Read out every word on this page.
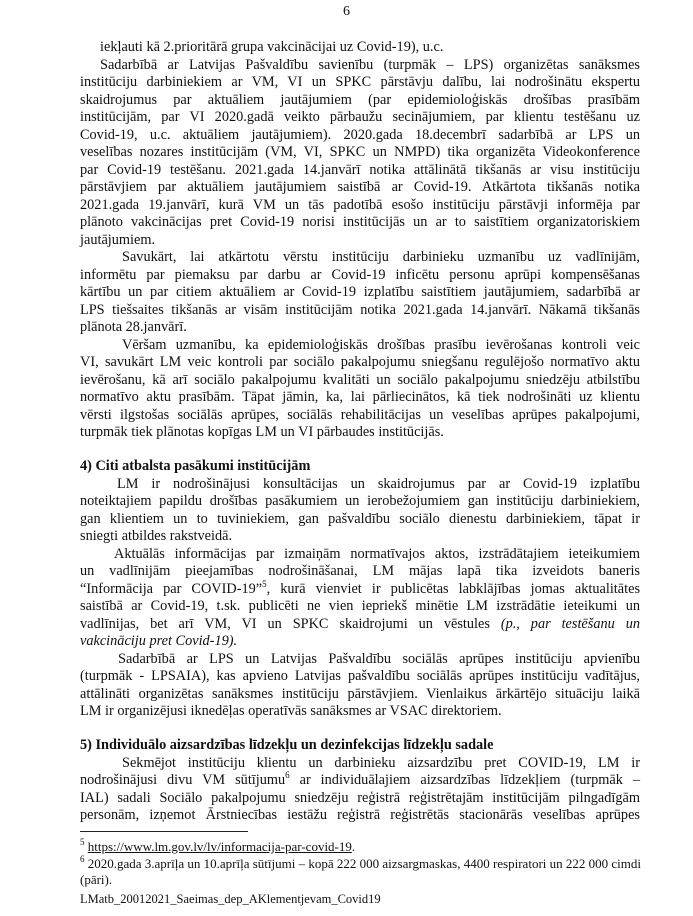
6
iekļauti kā 2.prioritārā grupa vakcinācijai uz Covid-19), u.c.
Sadarbībā ar Latvijas Pašvaldību savienību (turpmāk – LPS) organizētas sanāksmes
institūciju darbiniekiem ar VM, VI un SPKC pārstāvju dalību, lai nodrošinātu ekspertu
skaidrojumus par aktuāliem jautājumiem (par epidemioloģiskās drošības prasībām
institūcijām, par VI 2020.gadā veikto pārbaužu secinājumiem, par klientu testēšanu uz
Covid-19, u.c. aktuāliem jautājumiem). 2020.gada 18.decembrī sadarbībā ar LPS un
veselības nozares institūcijām (VM, VI, SPKC un NMPD) tika organizēta Videokonference
par Covid-19 testēšanu. 2021.gada 14.janvārī notika attālinātā tikšanās ar visu institūciju
pārstāvjiem par aktuāliem jautājumiem saistībā ar Covid-19. Atkārtota tikšanās notika
2021.gada 19.janvārī, kurā VM un tās padotībā esošo institūciju pārstāvji informēja par
plānoto vakcinācijas pret Covid-19 norisi institūcijās un ar to saistītiem organizatoriskiem
jautājumiem.
Savukārt, lai atkārtotu vērstu institūciju darbinieku uzmanību uz vadlīnijām,
informētu par piemaksu par darbu ar Covid-19 inficētu personu aprūpi kompensēšanas
kārtību un par citiem aktuāliem ar Covid-19 izplatību saistītiem jautājumiem, sadarbībā ar
LPS tiešsaites tikšanās ar visām institūcijām notika 2021.gada 14.janvārī. Nākamā tikšanās
plānota 28.janvārī.
Vēršam uzmanību, ka epidemioloģiskās drošības prasību ievērošanas kontroli veic
VI, savukārt LM veic kontroli par sociālo pakalpojumu sniegšanu regulējošo normatīvo aktu
ievērošanu, kā arī sociālo pakalpojumu kvalitāti un sociālo pakalpojumu sniedzēju atbilstību
normatīvo aktu prasībām. Tāpat jāmin, ka, lai pārliecinātos, kā tiek nodrošināti uz klientu
vērsti ilgstošas sociālās aprūpes, sociālās rehabilitācijas un veselības aprūpes pakalpojumi,
turpmāk tiek plānotas kopīgas LM un VI pārbaudes institūcijās.
4) Citi atbalsta pasākumi institūcijām
LM ir nodrošinājusi konsultācijas un skaidrojumus par ar Covid-19 izplatību
noteiktajiem papildu drošības pasākumiem un ierobežojumiem gan institūciju darbiniekiem,
gan klientiem un to tuviniekiem, gan pašvaldību sociālo dienestu darbiniekiem, tāpat ir
sniegti atbildes rakstveidā.
Aktuālās informācijas par izmaiņām normatīvajos aktos, izstrādātajiem ieteikumiem
un vadlīnijām pieejamības nodrošināšanai, LM mājas lapā tika izveidots baneris
“Informācija par COVID-19”$^5$, kurā vienviet ir publicētas labklājības jomas aktualitātes
saistībā ar Covid-19, t.sk. publicēti ne vien iepriekš minētie LM izstrādātie ieteikumi un
vadlīnijas, bet arī VM, VI un SPKC skaidrojumi un vēstules (p., par testēšanu un
vakcināciju pret Covid-19).
Sadarbībā ar LPS un Latvijas Pašvaldību sociālās aprūpes institūciju apvienību
(turpmāk - LPSAIA), kas apvieno Latvijas pašvaldību sociālās aprūpes institūciju vadītājus,
attālināti organizētas sanāksmes institūciju pārstāvjiem. Vienlaikus ārkārtējo situāciju laikā
LM ir organizējusi iknedēļas operatīvās sanāksmes ar VSAC direktoriem.
5) Individuālo aizsardzības līdzekļu un dezinfekcijas līdzekļu sadale
Sekmējot institūciju klientu un darbinieku aizsardzību pret COVID-19, LM ir
nodrošinājusi divu VM sūtījumu$^6$ ar individuālajiem aizsardzības līdzekļiem (turpmāk –
IAL) sadali Sociālo pakalpojumu sniedzēju reģistrā reģistrētajām institūcijām pilngadīgām
personām, izņemot Ārstniecības iestāžu reģistrā reģistrētās stacionārās veselības aprūpes
$^5$ https://www.lm.gov.lv/lv/informacija-par-covid-19.
$^6$ 2020.gada 3.aprīļa un 10.aprīļa sūtījumi – kopā 222 000 aizsargmaskas, 4400 respiratori un 222 000 cimdi
(pāri).
LMatb_20012021_Saeimas_dep_AKlementjevam_Covid19
